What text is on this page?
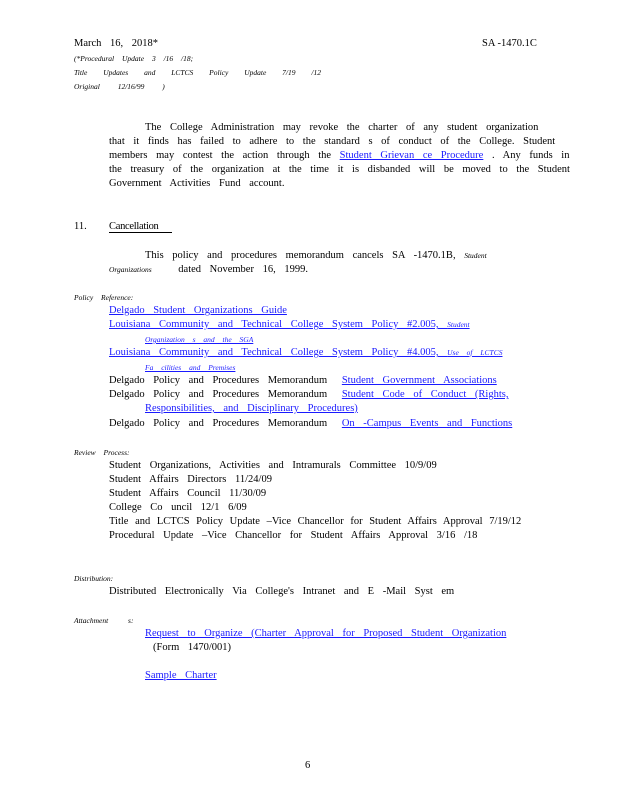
March 16, 2018*	SA -1470.1C
(*Procedural Update 3 /16 /18;
Title Updates and LCTCS Policy Update 7/19 /12
Original 12/16/99 )
The College Administration may revoke the charter of any student organization
that it finds has failed to adhere to the standard s of conduct of the College. Student
members may contest the action through the Student Grievan ce Procedure . Any funds in
the treasury of the organization at the time it is disbanded will be moved to the Student
Government Activities Fund account.
11. Cancellation
This policy and procedures memorandum cancels SA -1470.1B, Student
Organizations	dated November 16, 1999.
Policy Reference:
Delgado Student Organizations Guide
Louisiana Community and Technical College System Policy #2.005, Student
Organization s and the SGA
Louisiana Community and Technical College System Policy #4.005, Use of LCTCS
Fa cilities and Premises
Delgado Policy and Procedures Memorandum Student Government Associations
Delgado Policy and Procedures Memorandum Student Code of Conduct (Rights,
Responsibilities, and Disciplinary Procedures)
Delgado Policy and Procedures Memorandum On -Campus Events and Functions
Review Process:
Student Organizations, Activities and Intramurals Committee 10/9/09
Student Affairs Directors 11/24/09
Student Affairs Council 11/30/09
College Co uncil 12/1 6/09
Title and LCTCS Policy Update –Vice Chancellor for Student Affairs Approval 7/19/12
Procedural Update –Vice Chancellor for Student Affairs Approval 3/16 /18
Distribution:
Distributed Electronically Via College's Intranet and E -Mail Syst em
Attachment s:
Request to Organize (Charter Approval for Proposed Student Organization
(Form 1470/001)
Sample Charter
6
